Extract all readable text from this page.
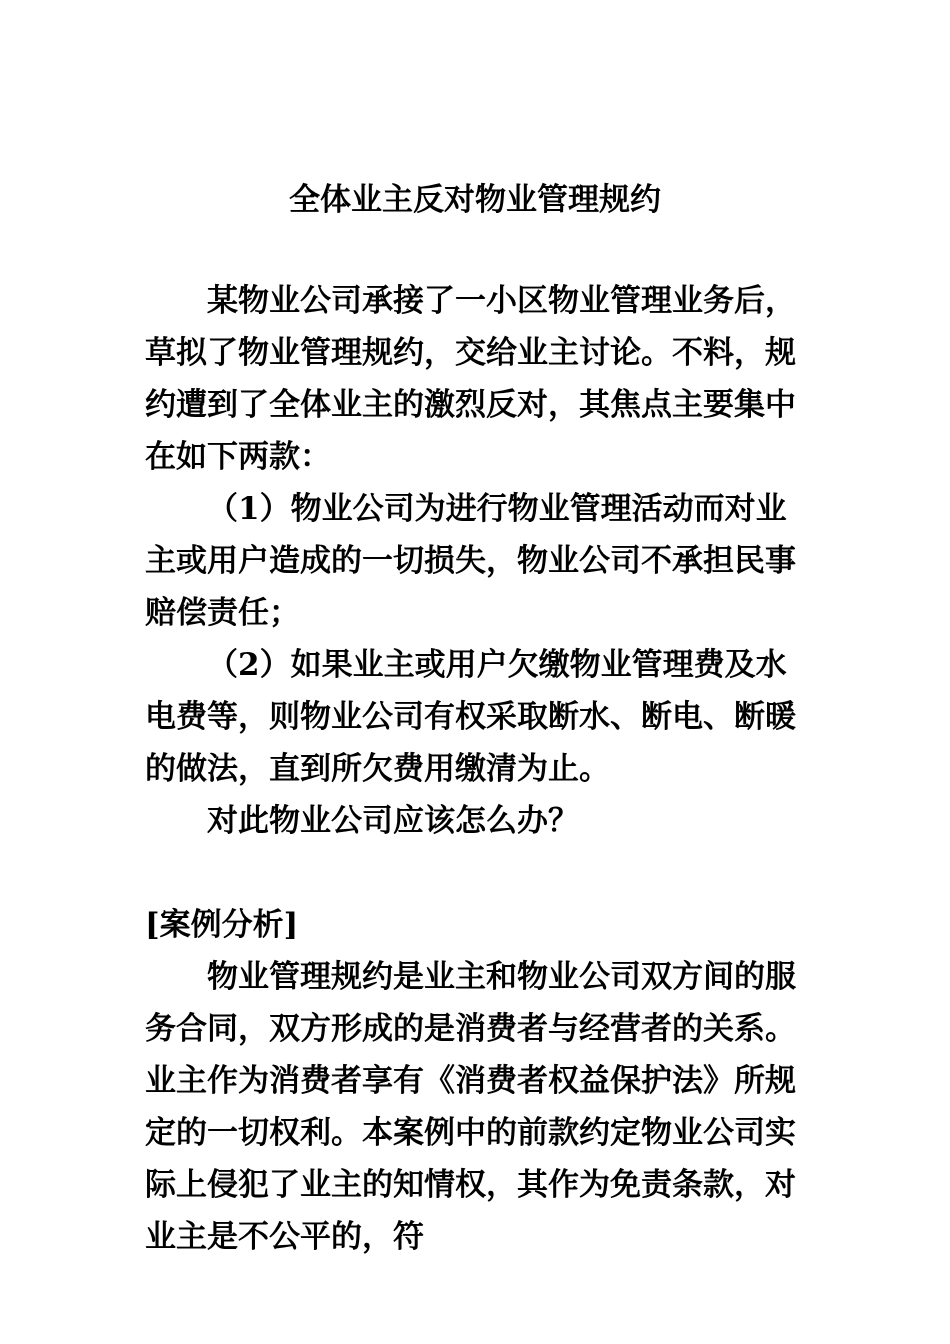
全体业主反对物业管理规约

某物业公司承接了一小区物业管理业务后，草拟了物业管理规约，交给业主讨论。不料，规约遭到了全体业主的激烈反对，其焦点主要集中在如下两款：

（1）物业公司为进行物业管理活动而对业主或用户造成的一切损失，物业公司不承担民事赔偿责任；

（2）如果业主或用户欠缴物业管理费及水电费等，则物业公司有权采取断水、断电、断暖的做法，直到所欠费用缴清为止。

对此物业公司应该怎么办？

[案例分析]

物业管理规约是业主和物业公司双方间的服务合同，双方形成的是消费者与经营者的关系。业主作为消费者享有《消费者权益保护法》所规定的一切权利。本案例中的前款约定物业公司实际上侵犯了业主的知情权，其作为免责条款，对业主是不公平的，符
